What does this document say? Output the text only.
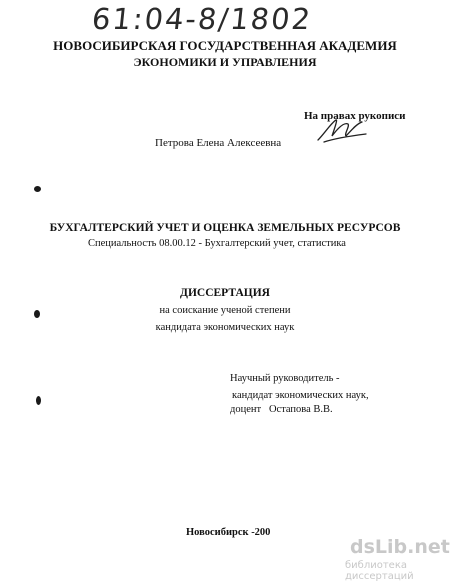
61:04-8/1802
НОВОСИБИРСКАЯ ГОСУДАРСТВЕННАЯ АКАДЕМИЯ
ЭКОНОМИКИ И УПРАВЛЕНИЯ
На правах рукописи
Петрова Елена Алексеевна
БУХГАЛТЕРСКИЙ УЧЕТ И ОЦЕНКА ЗЕМЕЛЬНЫХ РЕСУРСОВ
Специальность 08.00.12 - Бухгалтерский учет, статистика
ДИССЕРТАЦИЯ
на соискание ученой степени
кандидата экономических наук
Научный руководитель -
кандидат экономических наук,
доцент   Остапова В.В.
Новосибирск -200
dsLib.net
библиотека диссертаций
